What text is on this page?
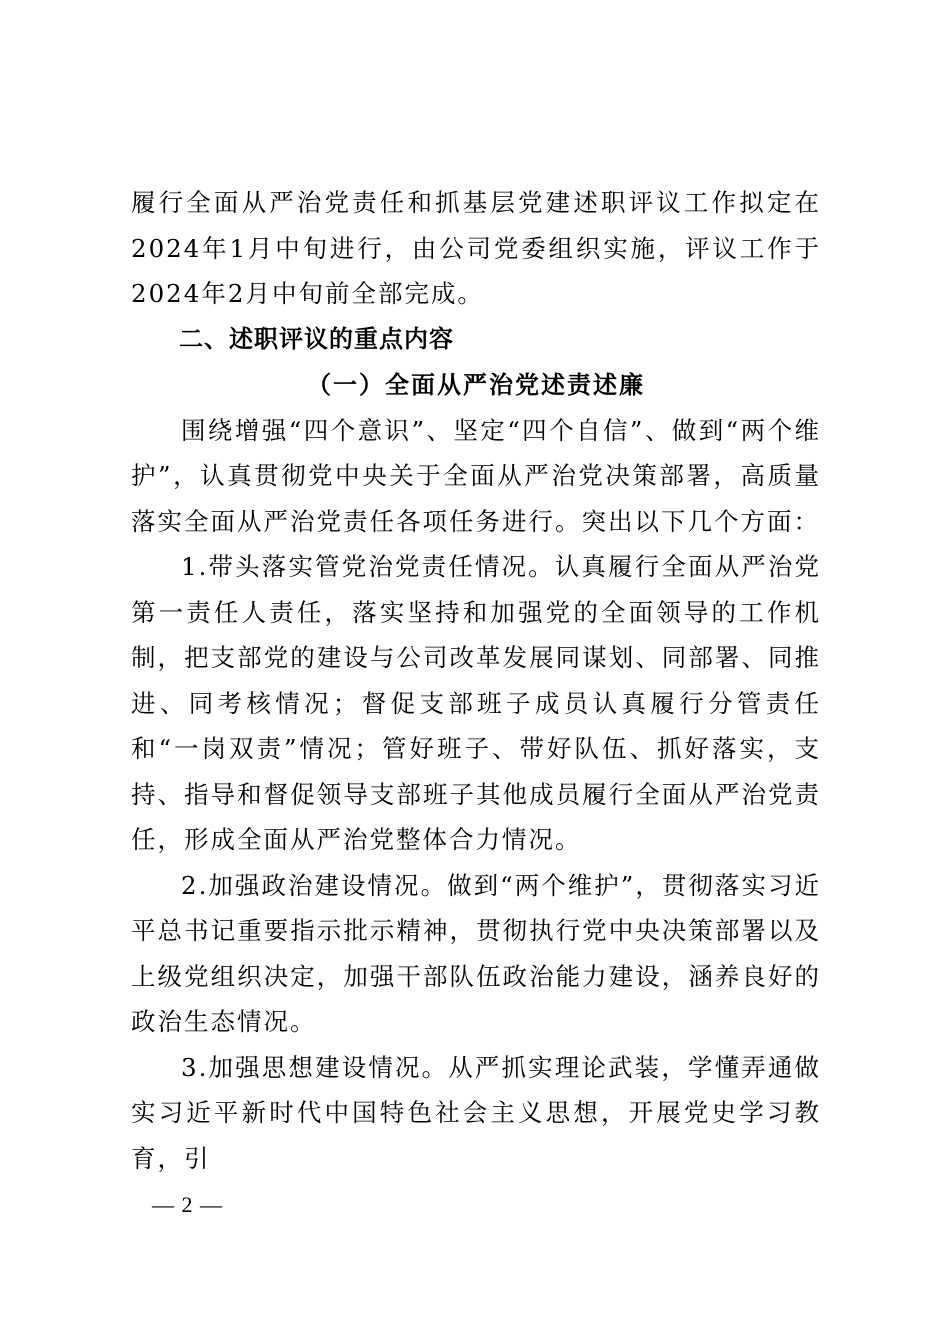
履行全面从严治党责任和抓基层党建述职评议工作拟定在2024年1月中旬进行，由公司党委组织实施，评议工作于2024年2月中旬前全部完成。

二、述职评议的重点内容

（一）全面从严治党述责述廉

围绕增强“四个意识”、坚定“四个自信”、做到“两个维护”，认真贯彻党中央关于全面从严治党决策部署，高质量落实全面从严治党责任各项任务进行。突出以下几个方面：

1.带头落实管党治党责任情况。认真履行全面从严治党第一责任人责任，落实坚持和加强党的全面领导的工作机制，把支部党的建设与公司改革发展同谋划、同部署、同推进、同考核情况；督促支部班子成员认真履行分管责任和“一岗双责”情况；管好班子、带好队伍、抓好落实，支持、指导和督促领导支部班子其他成员履行全面从严治党责任，形成全面从严治党整体合力情况。

2.加强政治建设情况。做到“两个维护”，贯彻落实习近平总书记重要指示批示精神，贯彻执行党中央决策部署以及上级党组织决定，加强干部队伍政治能力建设，涵养良好的政治生态情况。

3.加强思想建设情况。从严抓实理论武装，学懂弄通做实习近平新时代中国特色社会主义思想，开展党史学习教育，引

— 2 —
